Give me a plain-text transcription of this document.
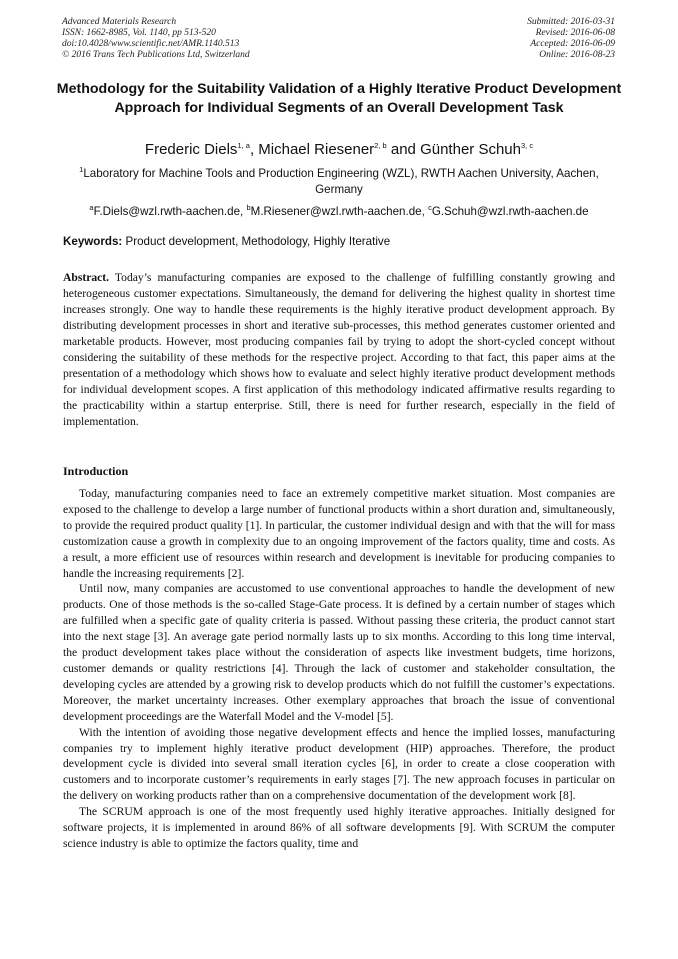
Advanced Materials Research
ISSN: 1662-8985, Vol. 1140, pp 513-520
doi:10.4028/www.scientific.net/AMR.1140.513
© 2016 Trans Tech Publications Ltd, Switzerland
Submitted: 2016-03-31
Revised: 2016-06-08
Accepted: 2016-06-09
Online: 2016-08-23
Methodology for the Suitability Validation of a Highly Iterative Product Development Approach for Individual Segments of an Overall Development Task
Frederic Diels$^{1, a}$, Michael Riesener$^{2, b}$ and Günther Schuh$^{3, c}$
$^1$Laboratory for Machine Tools and Production Engineering (WZL), RWTH Aachen University, Aachen, Germany
$^a$F.Diels@wzl.rwth-aachen.de, $^b$M.Riesener@wzl.rwth-aachen.de, $^c$G.Schuh@wzl.rwth-aachen.de
Keywords: Product development, Methodology, Highly Iterative
Abstract. Today’s manufacturing companies are exposed to the challenge of fulfilling constantly growing and heterogeneous customer expectations. Simultaneously, the demand for delivering the highest quality in shortest time increases strongly. One way to handle these requirements is the highly iterative product development approach. By distributing development processes in short and iterative sub-processes, this method generates customer oriented and marketable products. However, most producing companies fail by trying to adopt the short-cycled concept without considering the suitability of these methods for the respective project. According to that fact, this paper aims at the presentation of a methodology which shows how to evaluate and select highly iterative product development methods for individual development scopes. A first application of this methodology indicated affirmative results regarding to the practicability within a startup enterprise. Still, there is need for further research, especially in the field of implementation.
Introduction

Today, manufacturing companies need to face an extremely competitive market situation. Most companies are exposed to the challenge to develop a large number of functional products within a short duration and, simultaneously, to provide the required product quality [1]. In particular, the customer individual design and with that the will for mass customization cause a growth in complexity due to an ongoing improvement of the factors quality, time and costs. As a result, a more efficient use of resources within research and development is inevitable for producing companies to handle the increasing requirements [2].

Until now, many companies are accustomed to use conventional approaches to handle the development of new products. One of those methods is the so-called Stage-Gate process. It is defined by a certain number of stages which are fulfilled when a specific gate of quality criteria is passed. Without passing these criteria, the product cannot start into the next stage [3]. An average gate period normally lasts up to six months. According to this long time interval, the product development takes place without the consideration of aspects like investment budgets, time horizons, customer demands or quality restrictions [4]. Through the lack of customer and stakeholder consultation, the developing cycles are attended by a growing risk to develop products which do not fulfill the customer’s expectations. Moreover, the market uncertainty increases. Other exemplary approaches that broach the issue of conventional development proceedings are the Waterfall Model and the V-model [5].

With the intention of avoiding those negative development effects and hence the implied losses, manufacturing companies try to implement highly iterative product development (HIP) approaches. Therefore, the product development cycle is divided into several small iteration cycles [6], in order to create a close cooperation with customers and to incorporate customer’s requirements in early stages [7]. The new approach focuses in particular on the delivery on working products rather than on a comprehensive documentation of the development work [8].

The SCRUM approach is one of the most frequently used highly iterative approaches. Initially designed for software projects, it is implemented in around 86% of all software developments [9]. With SCRUM the computer science industry is able to optimize the factors quality, time and
